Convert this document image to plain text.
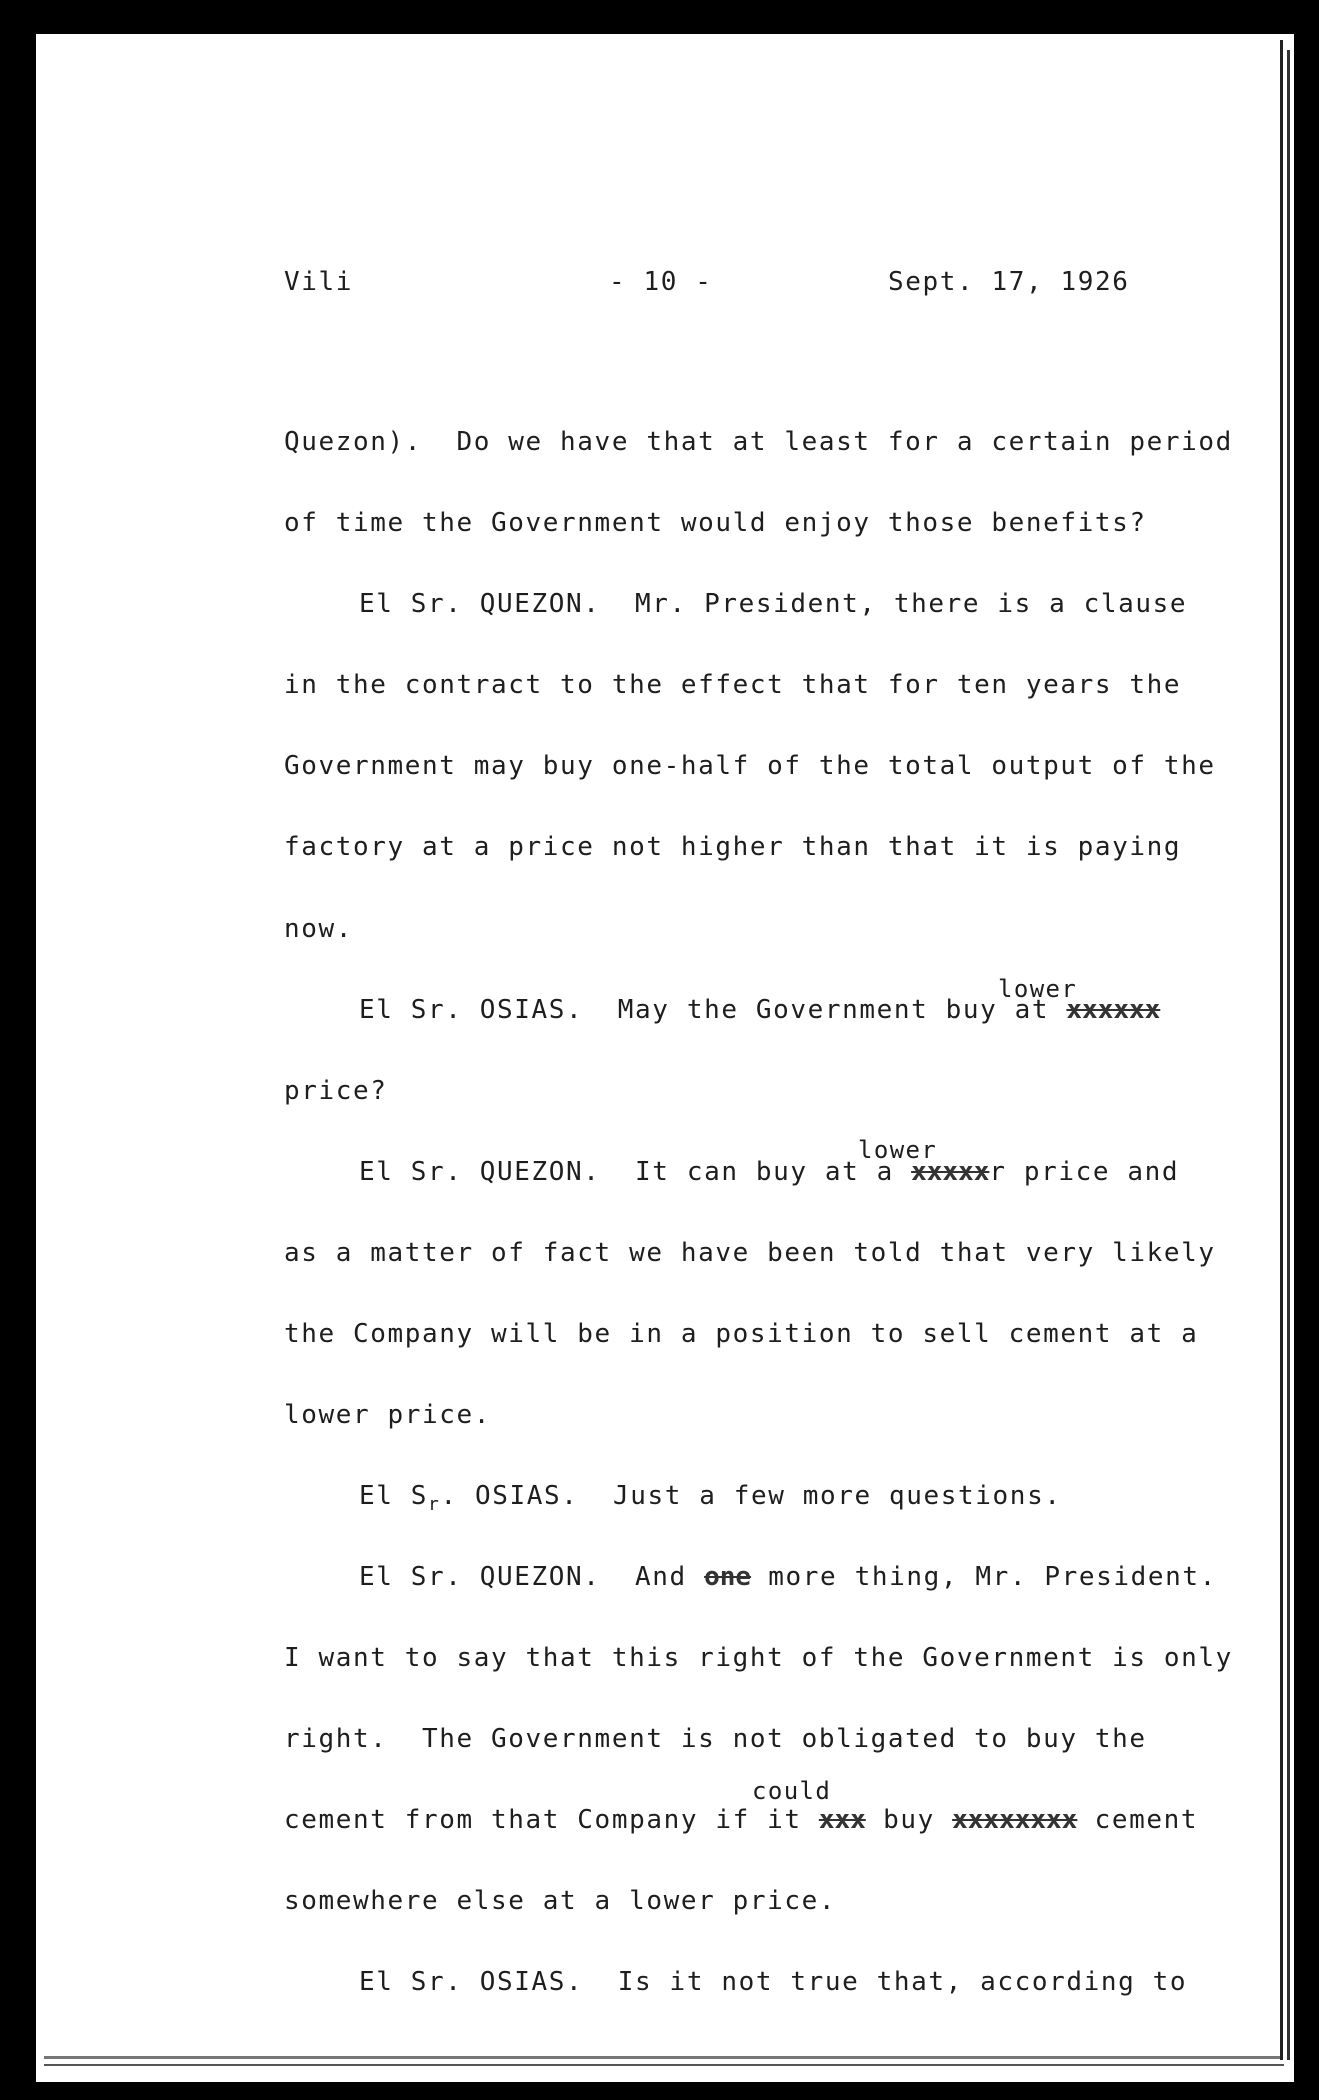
Vili	- 10 -	Sept. 17, 1926

Quezon).  Do we have that at least for a certain period

of time the Government would enjoy those benefits?

El Sr. QUEZON.  Mr. President, there is a clause

in the contract to the effect that for ten years the

Government may buy one-half of the total output of the

factory at a price not higher than that it is paying

now.

lower

El Sr. OSIAS.  May the Government buy at xxxxxx

price?

lower

El Sr. QUEZON.  It can buy at a xxxxxr price and

as a matter of fact we have been told that very likely

the Company will be in a position to sell cement at a

lower price.

El $S_r$. OSIAS.  Just a few more questions.

El Sr. QUEZON.  And one more thing, Mr. President.

I want to say that this right of the Government is only

right.  The Government is not obligated to buy the

could

cement from that Company if it xxx buy xxxxxxxx cement

somewhere else at a lower price.

El Sr. OSIAS.  Is it not true that, according to
